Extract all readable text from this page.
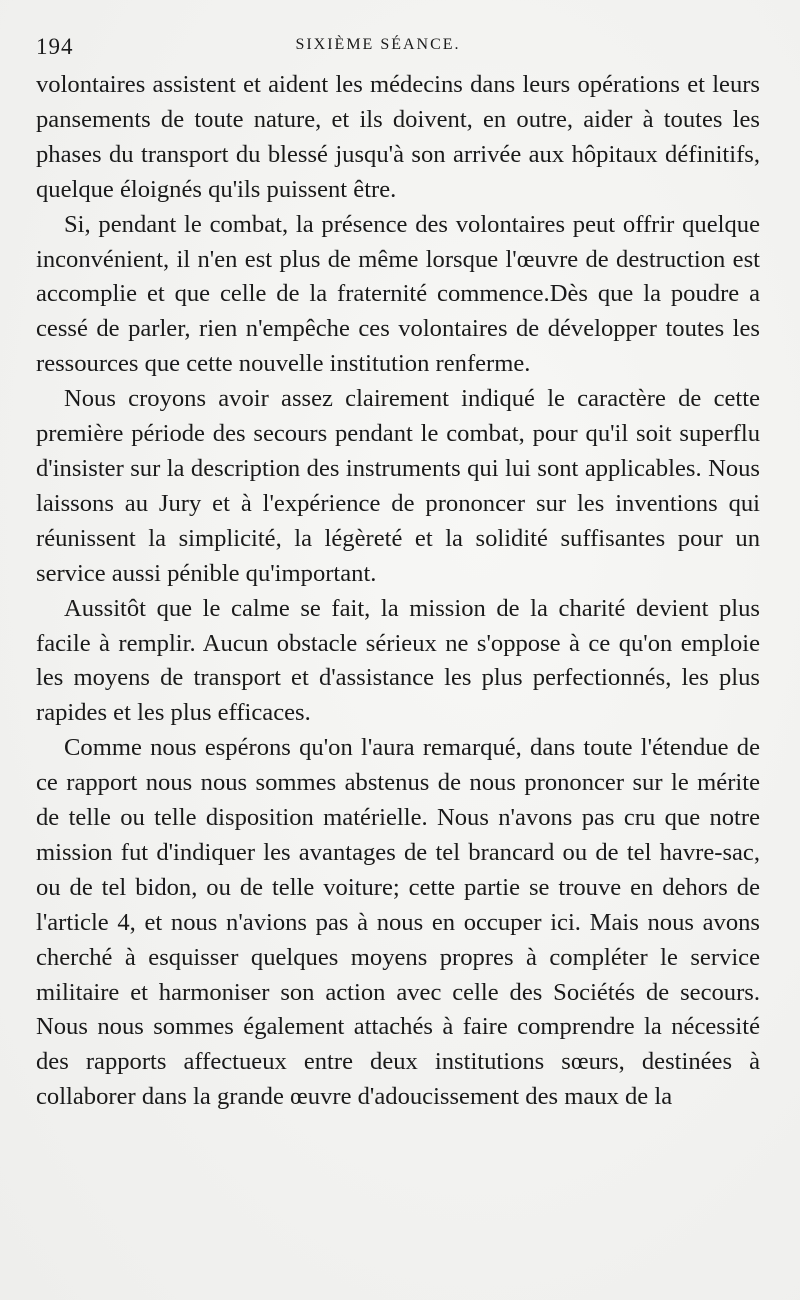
194	SIXIÈME SÉANCE.

volontaires assistent et aident les médecins dans leurs opérations et leurs pansements de toute nature, et ils doivent, en outre, aider à toutes les phases du transport du blessé jusqu'à son arrivée aux hôpitaux définitifs, quelque éloignés qu'ils puissent être.

Si, pendant le combat, la présence des volontaires peut offrir quelque inconvénient, il n'en est plus de même lorsque l'œuvre de destruction est accomplie et que celle de la fraternité commence.Dès que la poudre a cessé de parler, rien n'empêche ces volontaires de développer toutes les ressources que cette nouvelle institution renferme.

Nous croyons avoir assez clairement indiqué le caractère de cette première période des secours pendant le combat, pour qu'il soit superflu d'insister sur la description des instruments qui lui sont applicables. Nous laissons au Jury et à l'expérience de prononcer sur les inventions qui réunissent la simplicité, la légèreté et la solidité suffisantes pour un service aussi pénible qu'important.

Aussitôt que le calme se fait, la mission de la charité devient plus facile à remplir. Aucun obstacle sérieux ne s'oppose à ce qu'on emploie les moyens de transport et d'assistance les plus perfectionnés, les plus rapides et les plus efficaces.

Comme nous espérons qu'on l'aura remarqué, dans toute l'étendue de ce rapport nous nous sommes abstenus de nous prononcer sur le mérite de telle ou telle disposition matérielle. Nous n'avons pas cru que notre mission fut d'indiquer les avantages de tel brancard ou de tel havre-sac, ou de tel bidon, ou de telle voiture; cette partie se trouve en dehors de l'article 4, et nous n'avions pas à nous en occuper ici. Mais nous avons cherché à esquisser quelques moyens propres à compléter le service militaire et harmoniser son action avec celle des Sociétés de secours. Nous nous sommes également attachés à faire comprendre la nécessité des rapports affectueux entre deux institutions sœurs, destinées à collaborer dans la grande œuvre d'adoucissement des maux de la
